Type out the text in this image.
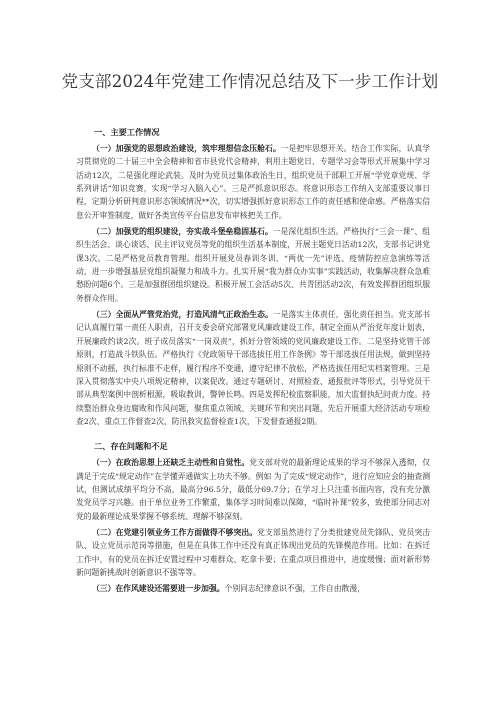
党支部2024年党建工作情况总结及下一步工作计划
一、主要工作情况

（一）加强党的思想政治建设，筑牢理想信念压舱石。一是把牢思想开关。结合工作实际，认真学习贯彻党的二十届三中全会精神和省市县党代会精神，利用主题党日、专题学习会等形式开展集中学习活动12次，二是强化理论武装。及时为党员过集体政治生日，组织党员干部职工开展“学党章党规、学系列讲话”知识竞赛，实现“学习入脑入心”。三是严抓意识形态。将意识形态工作纳入支部重要议事日程，定期分析研判意识形态领域情况**次，切实增强抓好意识形态工作的责任感和使命感。严格落实信息公开审签制度，做好各类宣传平台信息发布审核把关工作。

（二）加强党的组织建设，夯实战斗堡垒稳固基石。一是深化组织生活。严格执行“三会一课”、组织生活会、谈心谈话、民主评议党员等党的组织生活基本制度，开展主题党日活动12次，支部书记讲党课3次。二是严格党员教育管理。组织开展党员春训冬训、“两优一先”评选、疫情防控应急演练等活动，进一步增强基层党组织凝聚力和战斗力。扎实开展“我为群众办实事”实践活动，收集解决群众急难愁盼问题6个。三是加强群团组织建设。积极开展工会活动5次、共青团活动2次，有效发挥群团组织服务群众作用。

（三）全面从严管党治党，打造风清气正政治生态。一是落实主体责任，强化责任担当。党支部书记认真履行第一责任人职责，召开支委会研究部署党风廉政建设工作，制定全面从严治党年度计划表，开展廉政约谈2次。班子成员落实“一岗双责”，抓好分管领域的党风廉政建设工作。二是坚持党管干部原则，打造战斗铁队伍。严格执行《党政领导干部选拔任用工作条例》等干部选拔任用法规，做到坚持原则不动摇，执行标准不走样，履行程序不变通，遵守纪律不放松，严格选拔任用纪实档案管理。三是深入贯彻落实中央八项规定精神，以案促改。通过专题研讨、对照检查、通报批评等形式，引导党员干部从典型案例中剖析根源，吸取教训，警钟长鸣。四是发挥纪检监察职能，加大监督执纪问责力度。持续整治群众身边腐败和作风问题，聚焦重点领域、关键环节和突出问题，先后开展重大经济活动专项检查2次、重点工作督查2次、防汛救灾监督检查1次，下发督查通报2期。

二、存在问题和不足

（一）在政治思想上还缺乏主动性和自觉性。党支部对党的最新理论成果的学习不够深入透彻，仅满足于完成“规定动作”在学懂弄通做实上功夫不够。例如 为了完成“规定动作”，进行应知应会的抽查测试，但测试成绩平均分不高，最高分96.5分，最低分69.7分；在学习上只注重书面内容，没有充分激发党员学习兴趣。由于单位业务工作繁重，集体学习时间难以保障，“临时补课”较多，致使部分同志对党的最新理论成果掌握不够系统、理解不够深刻。

（二）在党建引领业务工作方面做得不够突出。党支部虽然进行了分类批建党员先锋队、党员突击队、设立党员示范岗等措施，但是在具体工作中还没有真正体现出党员的先锋模范作用。比如：在拆迁工作中，有的党员在拆迁安置过程中习难群众、吃拿卡要；在重点项目推进中，进度缓慢；面对新形势新问题新挑战时创新意识不强等等。

（三）在作风建设还需要进一步加强。个别同志纪律意识不强，工作自由散漫，
